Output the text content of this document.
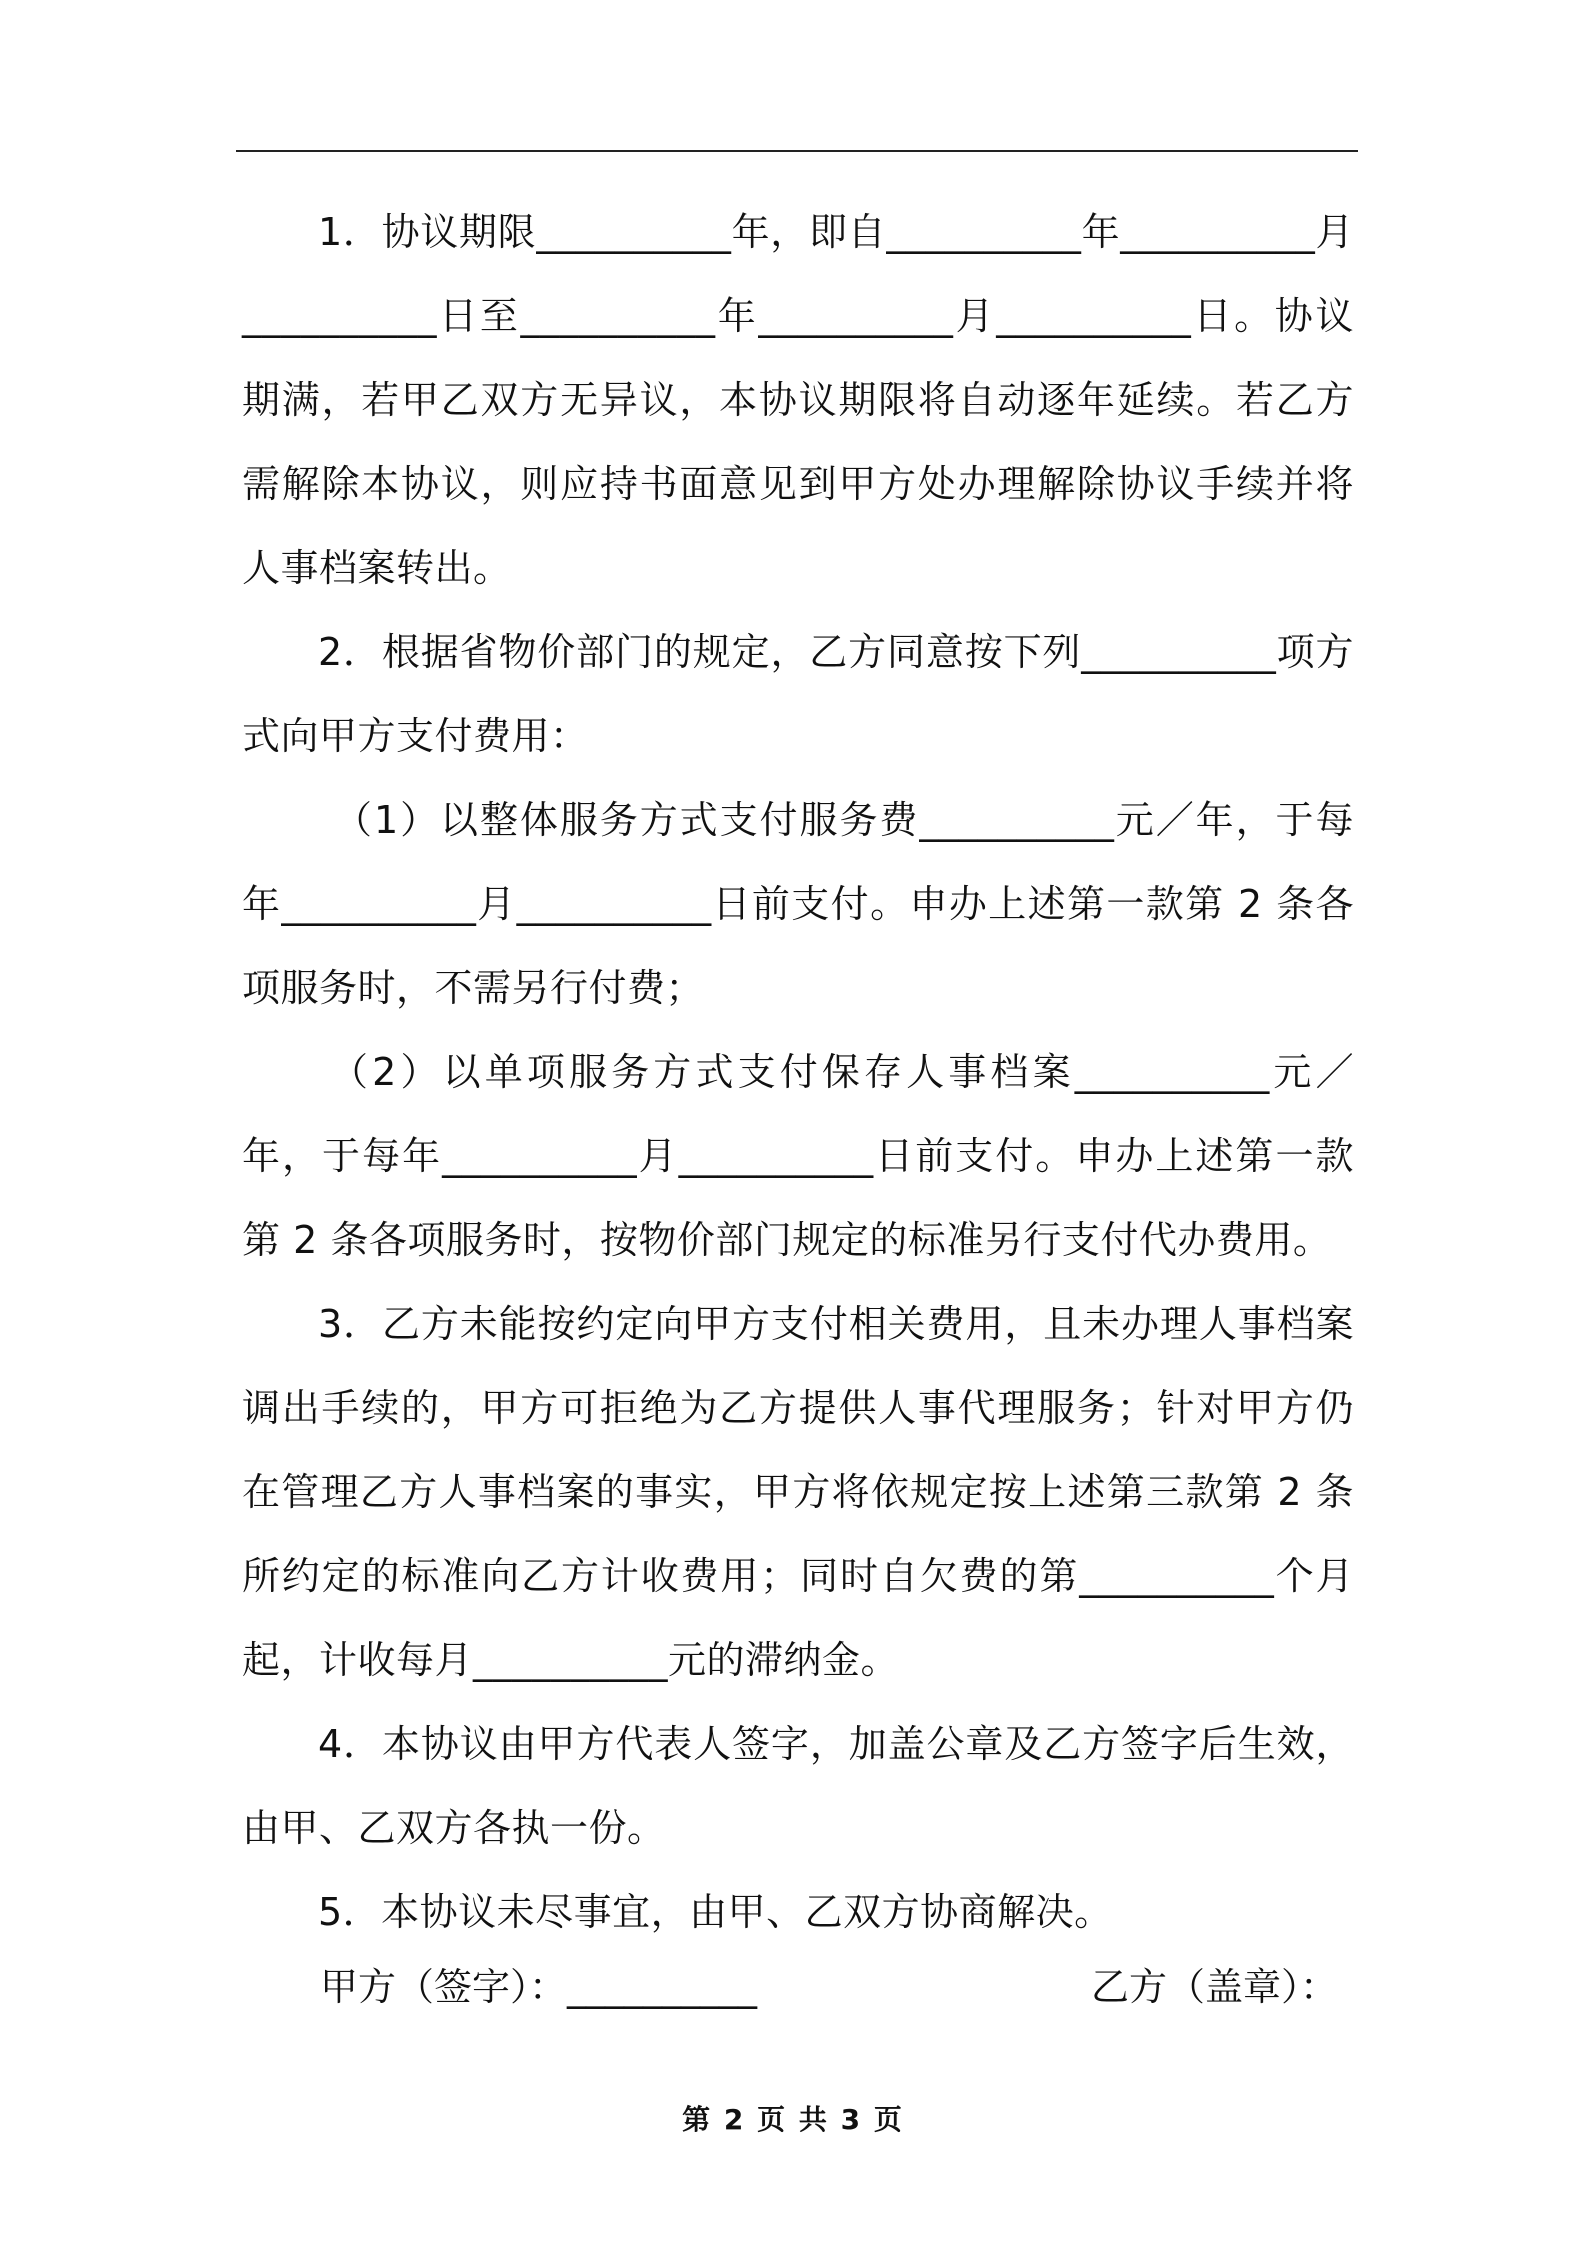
1．协议期限__________年，即自__________年__________月__________日至__________年__________月__________日。协议期满，若甲乙双方无异议，本协议期限将自动逐年延续。若乙方需解除本协议，则应持书面意见到甲方处办理解除协议手续并将人事档案转出。

2．根据省物价部门的规定，乙方同意按下列__________项方式向甲方支付费用：

（1）以整体服务方式支付服务费__________元／年，于每年__________月__________日前支付。申办上述第一款第 2 条各项服务时，不需另行付费；

（2）以单项服务方式支付保存人事档案__________元／年，于每年__________月__________日前支付。申办上述第一款第 2 条各项服务时，按物价部门规定的标准另行支付代办费用。

3．乙方未能按约定向甲方支付相关费用，且未办理人事档案调出手续的，甲方可拒绝为乙方提供人事代理服务；针对甲方仍在管理乙方人事档案的事实，甲方将依规定按上述第三款第 2 条所约定的标准向乙方计收费用；同时自欠费的第__________个月起，计收每月__________元的滞纳金。

4．本协议由甲方代表人签字，加盖公章及乙方签字后生效，由甲、乙双方各执一份。

5．本协议未尽事宜，由甲、乙双方协商解决。

甲方（签字）：__________	乙方（盖章）：
第 2 页 共 3 页
